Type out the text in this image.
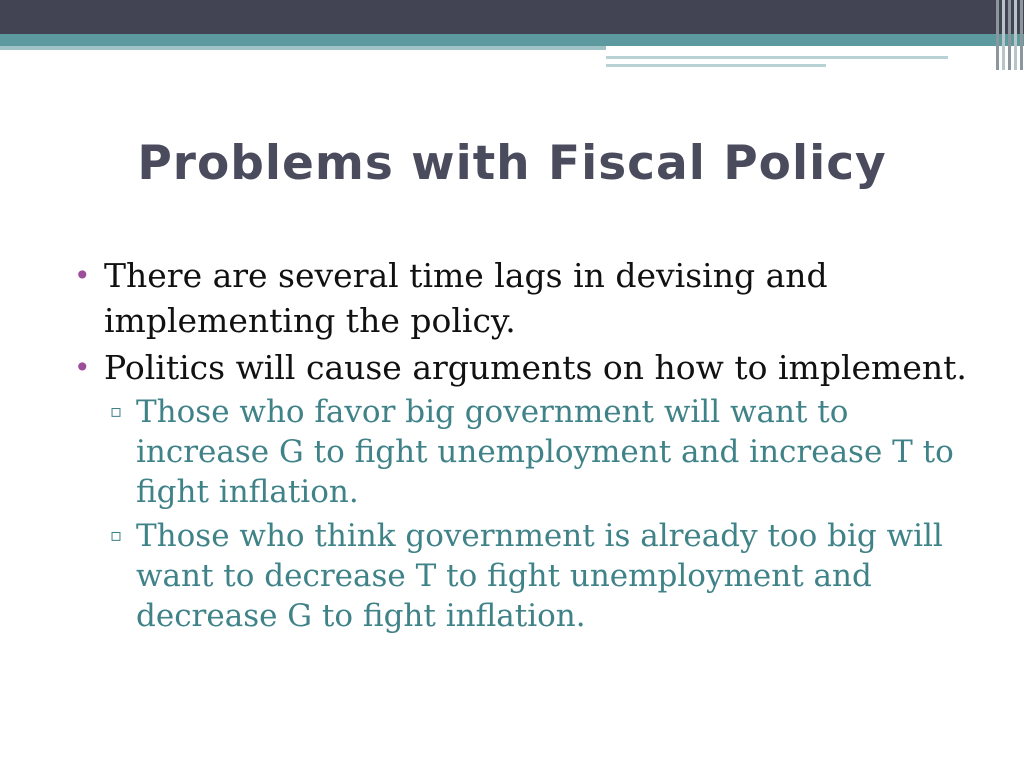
Problems with Fiscal Policy
• There are several time lags in devising and implementing the policy.
• Politics will cause arguments on how to implement.
▫ Those who favor big government will want to increase G to fight unemployment and increase T to fight inflation.
▫ Those who think government is already too big will want to decrease T to fight unemployment and decrease G to fight inflation.
